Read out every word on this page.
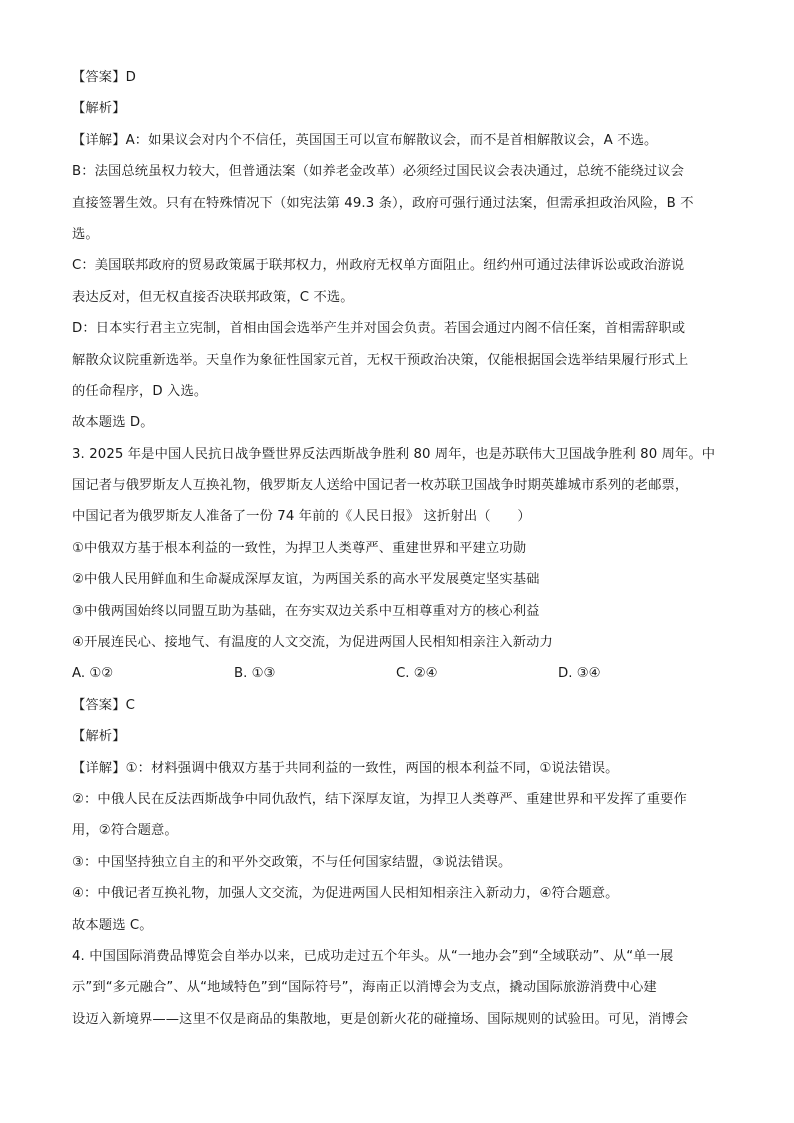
【答案】D
【解析】
【详解】A：如果议会对内个不信任，英国国王可以宣布解散议会，而不是首相解散议会，A 不选。
B：法国总统虽权力较大，但普通法案（如养老金改革）必须经过国民议会表决通过，总统不能绕过议会
直接签署生效。只有在特殊情况下（如宪法第 49.3 条），政府可强行通过法案，但需承担政治风险，B 不
选。
C：美国联邦政府的贸易政策属于联邦权力，州政府无权单方面阻止。纽约州可通过法律诉讼或政治游说
表达反对，但无权直接否决联邦政策，C 不选。
D：日本实行君主立宪制，首相由国会选举产生并对国会负责。若国会通过内阁不信任案，首相需辞职或
解散众议院重新选举。天皇作为象征性国家元首，无权干预政治决策，仅能根据国会选举结果履行形式上
的任命程序，D 入选。
故本题选 D。
3. 2025 年是中国人民抗日战争暨世界反法西斯战争胜利 80 周年，也是苏联伟大卫国战争胜利 80 周年。中
国记者与俄罗斯友人互换礼物，俄罗斯友人送给中国记者一枚苏联卫国战争时期英雄城市系列的老邮票，
中国记者为俄罗斯友人准备了一份 74 年前的《人民日报》 这折射出（　　）
①中俄双方基于根本利益的一致性，为捍卫人类尊严、重建世界和平建立功勋
②中俄人民用鲜血和生命凝成深厚友谊，为两国关系的高水平发展奠定坚实基础
③中俄两国始终以同盟互助为基础，在夯实双边关系中互相尊重对方的核心利益
④开展连民心、接地气、有温度的人文交流，为促进两国人民相知相亲注入新动力
A. ①②	B. ①③	C. ②④	D. ③④
【答案】C
【解析】
【详解】①：材料强调中俄双方基于共同利益的一致性，两国的根本利益不同，①说法错误。
②：中俄人民在反法西斯战争中同仇敌忾，结下深厚友谊，为捍卫人类尊严、重建世界和平发挥了重要作
用，②符合题意。
③：中国坚持独立自主的和平外交政策，不与任何国家结盟，③说法错误。
④：中俄记者互换礼物，加强人文交流，为促进两国人民相知相亲注入新动力，④符合题意。
故本题选 C。
4. 中国国际消费品博览会自举办以来，已成功走过五个年头。从“一地办会”到“全域联动”、从“单一展
示”到“多元融合”、从“地域特色”到“国际符号”，海南正以消博会为支点，撬动国际旅游消费中心建
设迈入新境界——这里不仅是商品的集散地，更是创新火花的碰撞场、国际规则的试验田。可见，消博会
